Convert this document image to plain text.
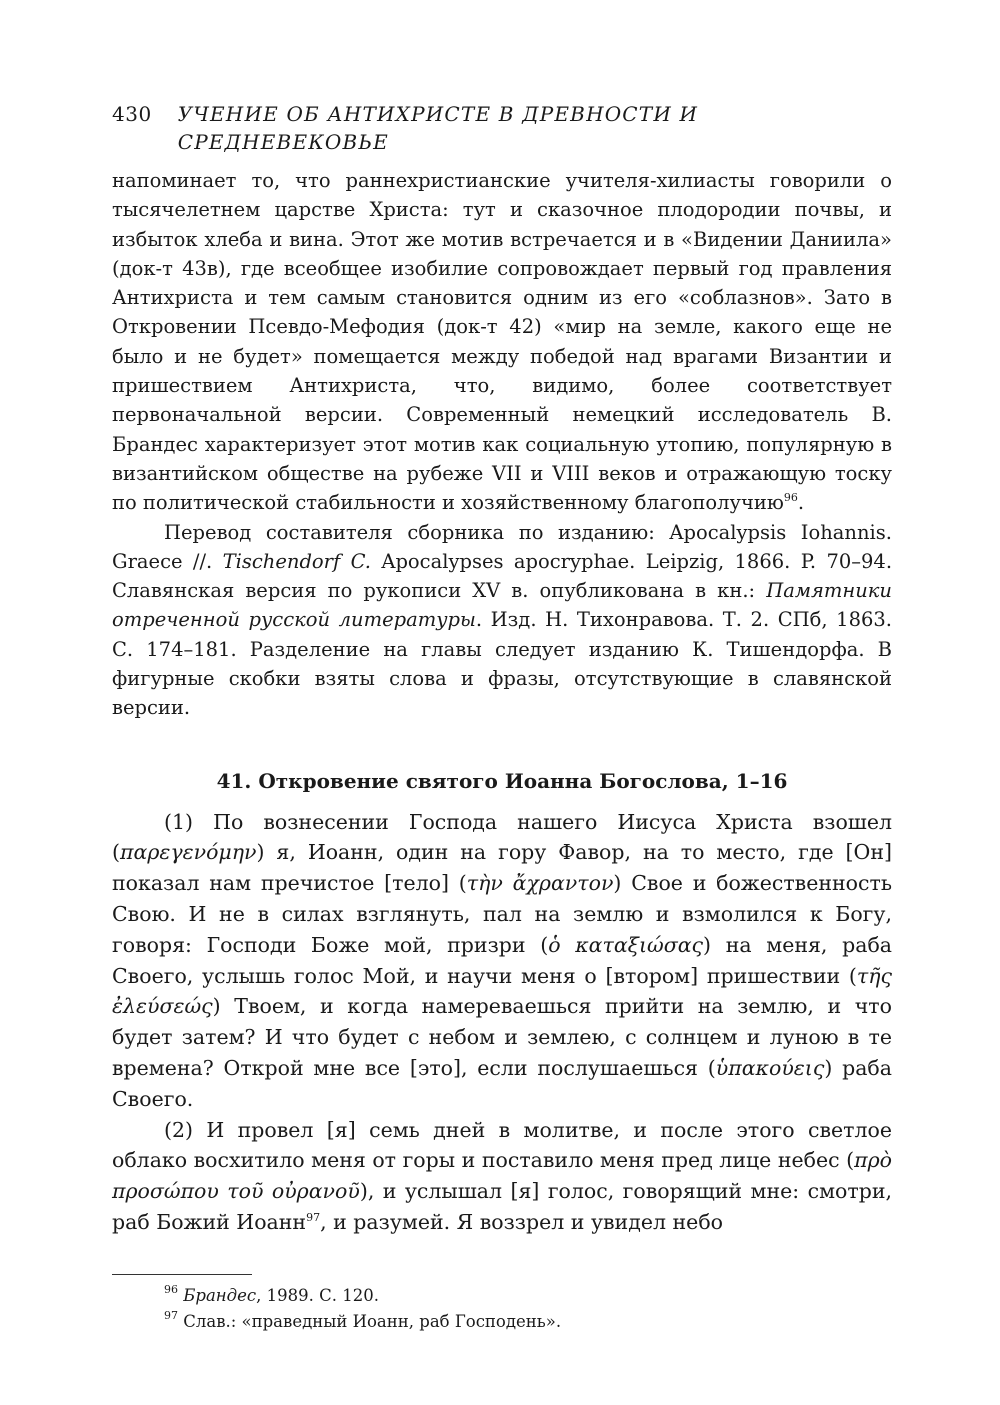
430 УЧЕНИЕ ОБ АНТИХРИСТЕ В ДРЕВНОСТИ И СРЕДНЕВЕКОВЬЕ

напоминает то, что раннехристианские учителя-хилиасты говорили о тысячелетнем царстве Христа: тут и сказочное плодородии почвы, и избыток хлеба и вина. Этот же мотив встречается и в «Видении Даниила» (док-т 43в), где всеобщее изобилие сопровождает первый год правления Антихриста и тем самым становится одним из его «соблазнов». Зато в Откровении Псевдо-Мефодия (док-т 42) «мир на земле, какого еще не было и не будет» помещается между победой над врагами Византии и пришествием Антихриста, что, видимо, более соответствует первоначальной версии. Современный немецкий исследователь В. Брандес характеризует этот мотив как социальную утопию, популярную в византийском обществе на рубеже VII и VIII веков и отражающую тоску по политической стабильности и хозяйственному благополучию$^{96}$.

Перевод составителя сборника по изданию: Apocalypsis Iohannis. Graece //. Tischendorf C. Apocalypses apocryphae. Leipzig, 1866. P. 70–94. Славянская версия по рукописи XV в. опубликована в кн.: Памятники отреченной русской литературы. Изд. Н. Тихонравова. Т. 2. СПб, 1863. С. 174–181. Разделение на главы следует изданию К. Тишендорфа. В фигурные скобки взяты слова и фразы, отсутствующие в славянской версии.

41. Откровение святого Иоанна Богослова, 1–16

(1) По вознесении Господа нашего Иисуса Христа взошел (παρεγενόμην) я, Иоанн, один на гору Фавор, на то место, где [Он] показал нам пречистое [тело] (τὴν ἄχραντον) Свое и божественность Свою. И не в силах взглянуть, пал на землю и взмолился к Богу, говоря: Господи Боже мой, призри (ὁ καταξιώσας) на меня, раба Своего, услышь голос Мой, и научи меня о [втором] пришествии (τῆς ἐλεύσεώς) Твоем, и когда намереваешься прийти на землю, и что будет затем? И что будет с небом и землею, с солнцем и луною в те времена? Открой мне все [это], если послушаешься (ὑπακούεις) раба Своего.

(2) И провел [я] семь дней в молитве, и после этого светлое облако восхитило меня от горы и поставило меня пред лице небес (πρὸ προσώπου τοῦ οὐρανοῦ), и услышал [я] голос, говорящий мне: смотри, раб Божий Иоанн$^{97}$, и разумей. Я воззрел и увидел небо

$^{96}$ Брандес, 1989. С. 120.
$^{97}$ Слав.: «праведный Иоанн, раб Господень».
